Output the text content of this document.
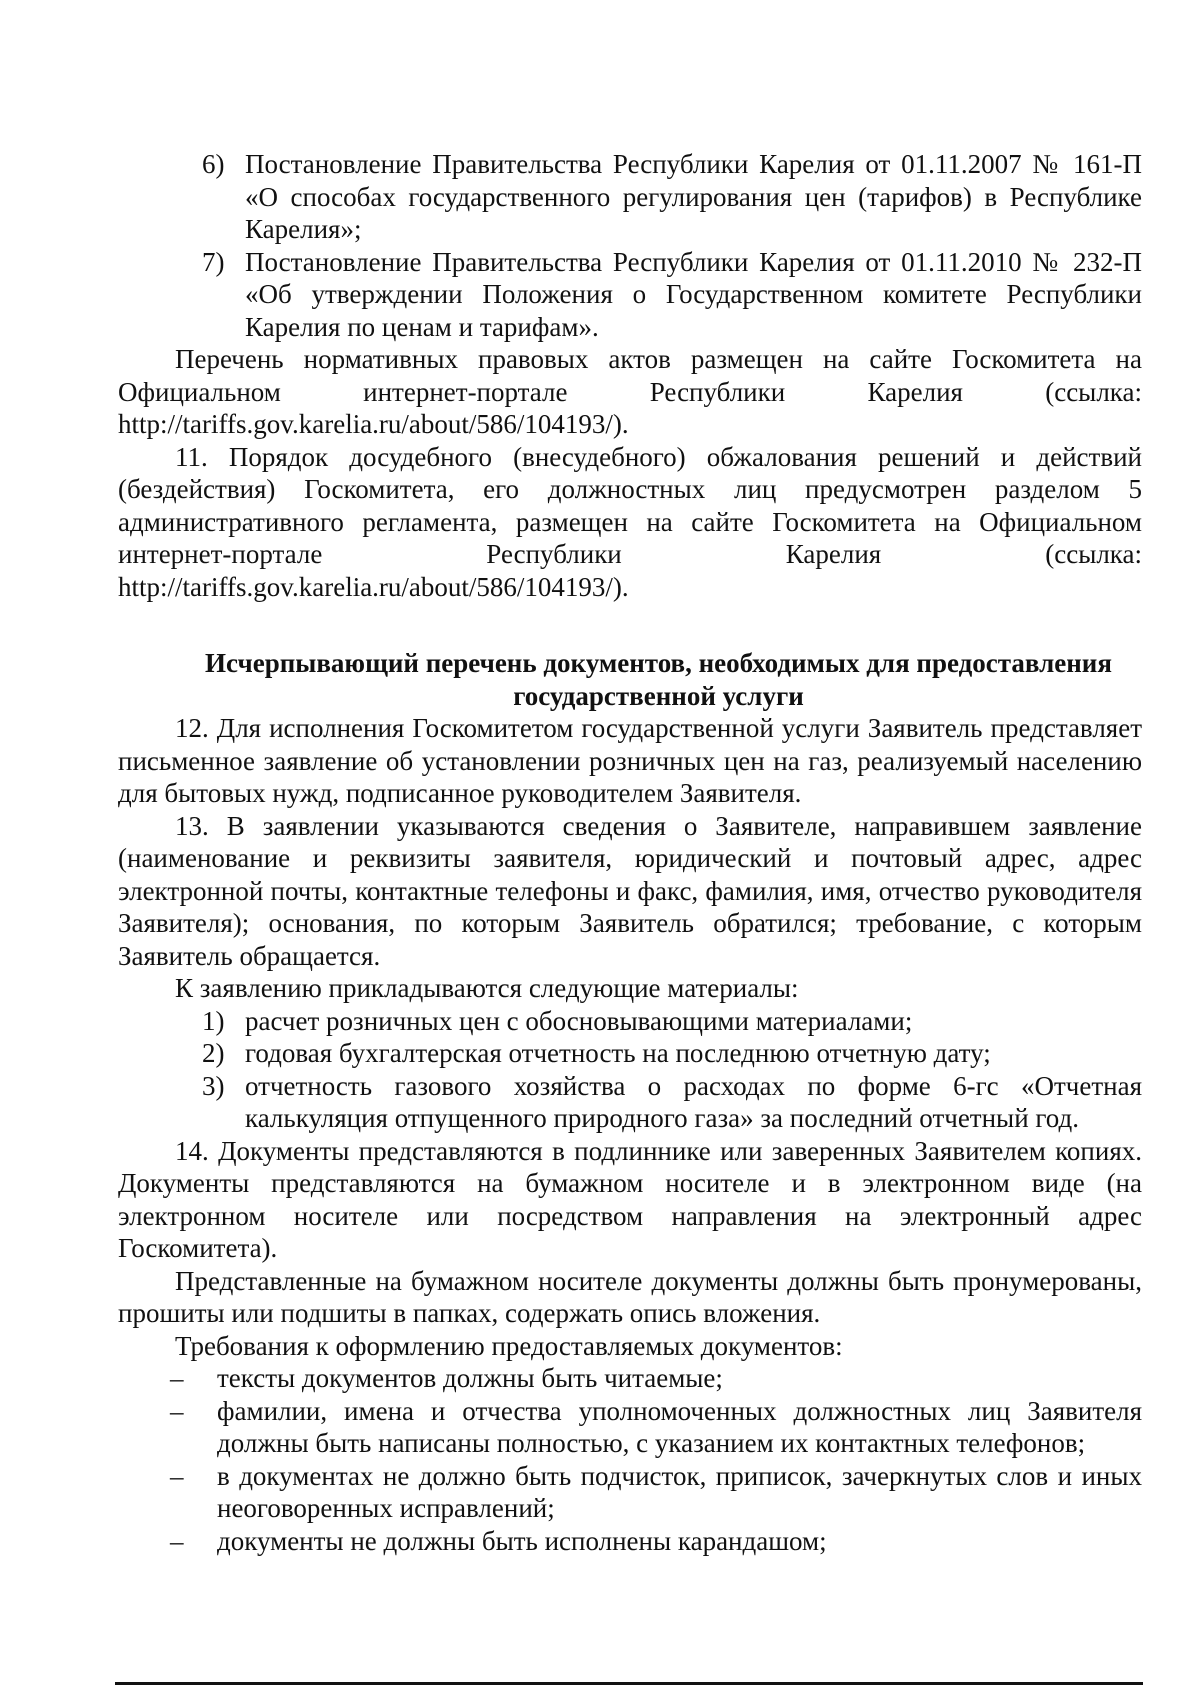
6) Постановление Правительства Республики Карелия от 01.11.2007 № 161-П «О способах государственного регулирования цен (тарифов) в Республике Карелия»;
7) Постановление Правительства Республики Карелия от 01.11.2010 № 232-П «Об утверждении Положения о Государственном комитете Республики Карелия по ценам и тарифам».

Перечень нормативных правовых актов размещен на сайте Госкомитета на Официальном интернет-портале Республики Карелия (ссылка: http://tariffs.gov.karelia.ru/about/586/104193/).

11. Порядок досудебного (внесудебного) обжалования решений и действий (бездействия) Госкомитета, его должностных лиц предусмотрен разделом 5 административного регламента, размещен на сайте Госкомитета на Официальном интернет-портале Республики Карелия (ссылка: http://tariffs.gov.karelia.ru/about/586/104193/).

Исчерпывающий перечень документов, необходимых для предоставления государственной услуги

12. Для исполнения Госкомитетом государственной услуги Заявитель представляет письменное заявление об установлении розничных цен на газ, реализуемый населению для бытовых нужд, подписанное руководителем Заявителя.

13. В заявлении указываются сведения о Заявителе, направившем заявление (наименование и реквизиты заявителя, юридический и почтовый адрес, адрес электронной почты, контактные телефоны и факс, фамилия, имя, отчество руководителя Заявителя); основания, по которым Заявитель обратился; требование, с которым Заявитель обращается.

К заявлению прикладываются следующие материалы:

1) расчет розничных цен с обосновывающими материалами;
2) годовая бухгалтерская отчетность на последнюю отчетную дату;
3) отчетность газового хозяйства о расходах по форме 6-гс «Отчетная калькуляция отпущенного природного газа» за последний отчетный год.

14. Документы представляются в подлиннике или заверенных Заявителем копиях. Документы представляются на бумажном носителе и в электронном виде (на электронном носителе или посредством направления на электронный адрес Госкомитета).

Представленные на бумажном носителе документы должны быть пронумерованы, прошиты или подшиты в папках, содержать опись вложения.

Требования к оформлению предоставляемых документов:

– тексты документов должны быть читаемые;
– фамилии, имена и отчества уполномоченных должностных лиц Заявителя должны быть написаны полностью, с указанием их контактных телефонов;
– в документах не должно быть подчисток, приписок, зачеркнутых слов и иных неоговоренных исправлений;
– документы не должны быть исполнены карандашом;
